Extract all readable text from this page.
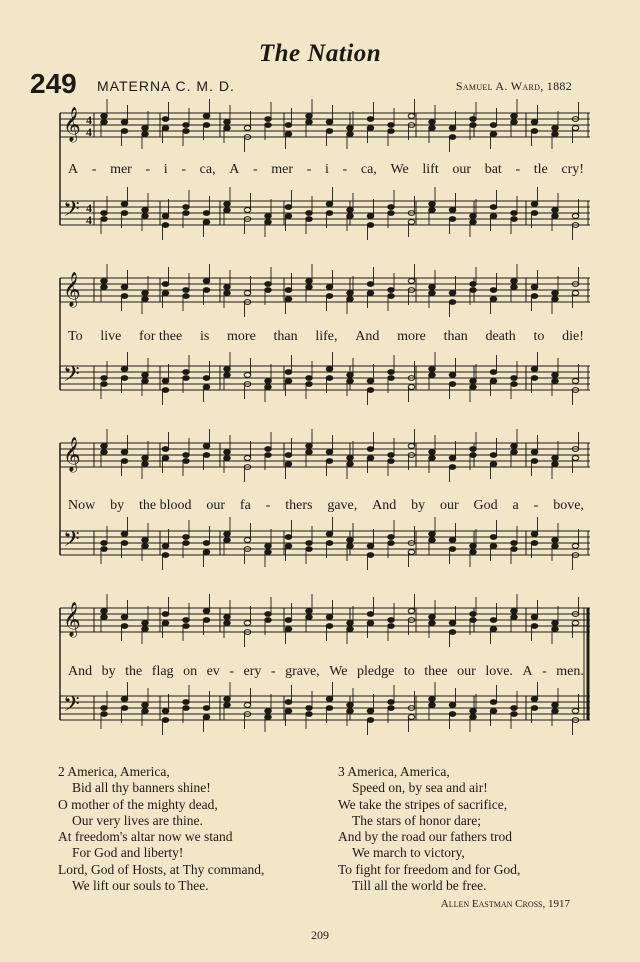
The Nation
249 MATERNA C. M. D.	Samuel A. Ward, 1882
𝄞 4
4
𝄢 4
4
A - mer - i - ca, A - mer - i - ca, We lift our bat - tle cry!
𝄞
𝄢
To live for thee is more than life, And more than death to die!
𝄞
𝄢
Now by the blood our fa - thers gave, And by our God a - bove,
𝄞
𝄢
And by the flag on ev - ery - grave, We pledge to thee our love. A - men.
2 America, America,
Bid all thy banners shine!
O mother of the mighty dead,
Our very lives are thine.
At freedom's altar now we stand
For God and liberty!
Lord, God of Hosts, at Thy command,
We lift our souls to Thee.
3 America, America,
Speed on, by sea and air!
We take the stripes of sacrifice,
The stars of honor dare;
And by the road our fathers trod
We march to victory,
To fight for freedom and for God,
Till all the world be free.
Allen Eastman Cross, 1917
209
